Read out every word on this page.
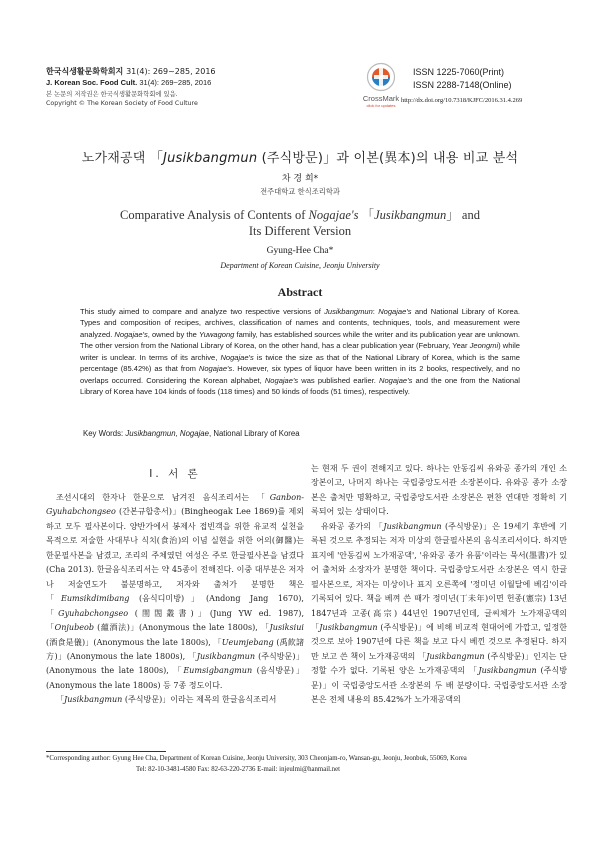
한국식생활문화학회지 31(4): 269~285, 2016
J. Korean Soc. Food Cult. 31(4): 269~285, 2016
본 논문의 저작권은 한국식생활문화학회에 있음.
Copyright © The Korean Society of Food Culture
CrossMark
click for updates
ISSN 1225-7060(Print)
ISSN 2288-7148(Online)
http://dx.doi.org/10.7318/KJFC/2016.31.4.269
노가재공댁 「Jusikbangmun (주식방문)」과 이본(異本)의 내용 비교 분석
차 경 희*
전주대학교 한식조리학과
Comparative Analysis of Contents of Nogajae's 「Jusikbangmun」 and
Its Different Version
Gyung-Hee Cha*
Department of Korean Cuisine, Jeonju University
Abstract
This study aimed to compare and analyze two respective versions of Jusikbangmun: Nogajae's and National Library of Korea. Types and composition of recipes, archives, classification of names and contents, techniques, tools, and measurement were analyzed. Nogajae's, owned by the Yuwagong family, has established sources while the writer and its publication year are unknown. The other version from the National Library of Korea, on the other hand, has a clear publication year (February, Year Jeongmi) while writer is unclear. In terms of its archive, Nogajae's is twice the size as that of the National Library of Korea, which is the same percentage (85.42%) as that from Nogajae's. However, six types of liquor have been written in its 2 books, respectively, and no overlaps occurred. Considering the Korean alphabet, Nogajae's was published earlier. Nogajae's and the one from the National Library of Korea have 104 kinds of foods (118 times) and 50 kinds of foods (51 times), respectively.
Key Words: Jusikbangmun, Nogajae, National Library of Korea
I. 서 론

조선시대의 한자나 한문으로 남겨진 음식조리서는 「Ganbon-Gyuhabchongseo (간본규합총서)」(Bingheogak Lee 1869)를 제외하고 모두 필사본이다. 양반가에서 봉제사 접빈객을 위한 유교적 실천을 목적으로 저술한 사대부나 식치(食治)의 이념 실현을 위한 어의(御醫)는 한문필사본을 남겼고, 조리의 주체였던 여성은 주로 한글필사본을 남겼다(Cha 2013). 한글음식조리서는 약 45종이 전해진다. 이중 대부분은 저자나 저술연도가 불분명하고, 저자와 출처가 분명한 책은 「Eumsikdimibang (음식디미방)」(Andong Jang 1670), 「Gyuhabchongseo (閨閤叢書)」(Jung YW ed. 1987), 「Onjubeob (蘊酒法)」(Anonymous the late 1800s), 「Jusiksiui (酒食是儀)」(Anonymous the late 1800s), 「Ueumjebang (禹飮諸方)」(Anonymous the late 1800s), 「Jusikbangmun (주식방문)」(Anonymous the late 1800s), 「Eumsigbangmun (음식방문)」(Anonymous the late 1800s) 등 7종 정도이다.

「Jusikbangmun (주식방문)」이라는 제목의 한글음식조리서

는 현재 두 권이 전해지고 있다. 하나는 안동김씨 유와공 종가의 개인 소장본이고, 나머지 하나는 국립중앙도서관 소장본이다. 유와공 종가 소장본은 출처만 명확하고, 국립중앙도서관 소장본은 편찬 연대만 정확히 기록되어 있는 상태이다.

유와공 종가의 「Jusikbangmun (주식방문)」은 19세기 후반에 기록된 것으로 추정되는 저자 미상의 한글필사본의 음식조리서이다. 하지만 표지에 '안동김씨 노가재공댁', '유와공 종가 유품'이라는 묵서(墨書)가 있어 출처와 소장자가 분명한 책이다. 국립중앙도서관 소장본은 역시 한글필사본으로, 저자는 미상이나 표지 오른쪽에 '정미년 이월달에 베김'이라 기록되어 있다. 책을 베껴 쓴 때가 정미년(丁未年)이면 헌종(憲宗) 13년 1847년과 고종(高宗) 44년인 1907년인데, 글씨체가 노가재공댁의 「Jusikbangmun (주식방문)」에 비해 비교적 현대어에 가깝고, 일정한 것으로 보아 1907년에 다른 책을 보고 다시 베낀 것으로 추정된다. 하지만 보고 쓴 책이 노가재공댁의 「Jusikbangmun (주식방문)」인지는 단정할 수가 없다. 기록된 양은 노가재공댁의 「Jusikbangmun (주식방문)」이 국립중앙도서관 소장본의 두 배 분량이다. 국립중앙도서관 소장본은 전체 내용의 85.42%가 노가재공댁의

*Corresponding author: Gyung Hee Cha, Department of Korean Cuisine, Jeonju University, 303 Cheonjam-ro, Wansan-gu, Jeonju, Jeonbuk, 55069, Korea
Tel: 82-10-3481-4580 Fax: 82-63-220-2736 E-mail: injeulmi@hanmail.net
